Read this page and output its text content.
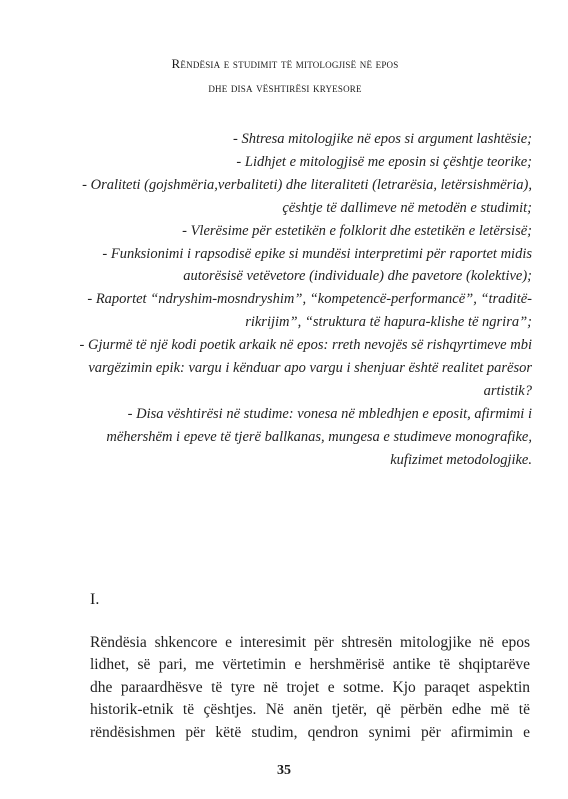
Rëndësia e studimit të mitologjisë në epos
dhe disa vështirësi kryesore
- Shtresa mitologjike në epos si argument lashtësie;
- Lidhjet e mitologjisë me eposin si çështje teorike;
- Oraliteti (gojshmëria,verbaliteti) dhe literaliteti (letrarësia, letërsishmëria),
çështje të dallimeve në metodën e studimit;
- Vlerësime për estetikën e folklorit dhe estetikën e letërsisë;
- Funksionimi i rapsodisë epike si mundësi interpretimi për raportet midis
autorësisë vetëvetore (individuale) dhe pavetore (kolektive);
- Raportet “ndryshim-mosndryshim”, “kompetencë-performancë”, “traditë-
rikrijim”, “struktura të hapura-klishe të ngrira”;
- Gjurmë të një kodi poetik arkaik në epos: rreth nevojës së rishqyrtimeve mbi
vargëzimin epik: vargu i kënduar apo vargu i shenjuar është realitet parësor
artistik?
- Disa vështirësi në studime: vonesa në mbledhjen e eposit, afirmimi i
mëhershëm i epeve të tjerë ballkanas, mungesa e studimeve monografike,
kufizimet metodologjike.
I.
Rëndësia shkencore e interesimit për shtresën mitologjike në epos
lidhet, së pari, me vërtetimin e hershmërisë antike të shqiptarëve
dhe paraardhësve të tyre në trojet e sotme. Kjo paraqet aspektin
historik-etnik të çështjes. Në anën tjetër, që përbën edhe më të
rëndësishmen për këtë studim, qendron synimi për afirmimin e
35
